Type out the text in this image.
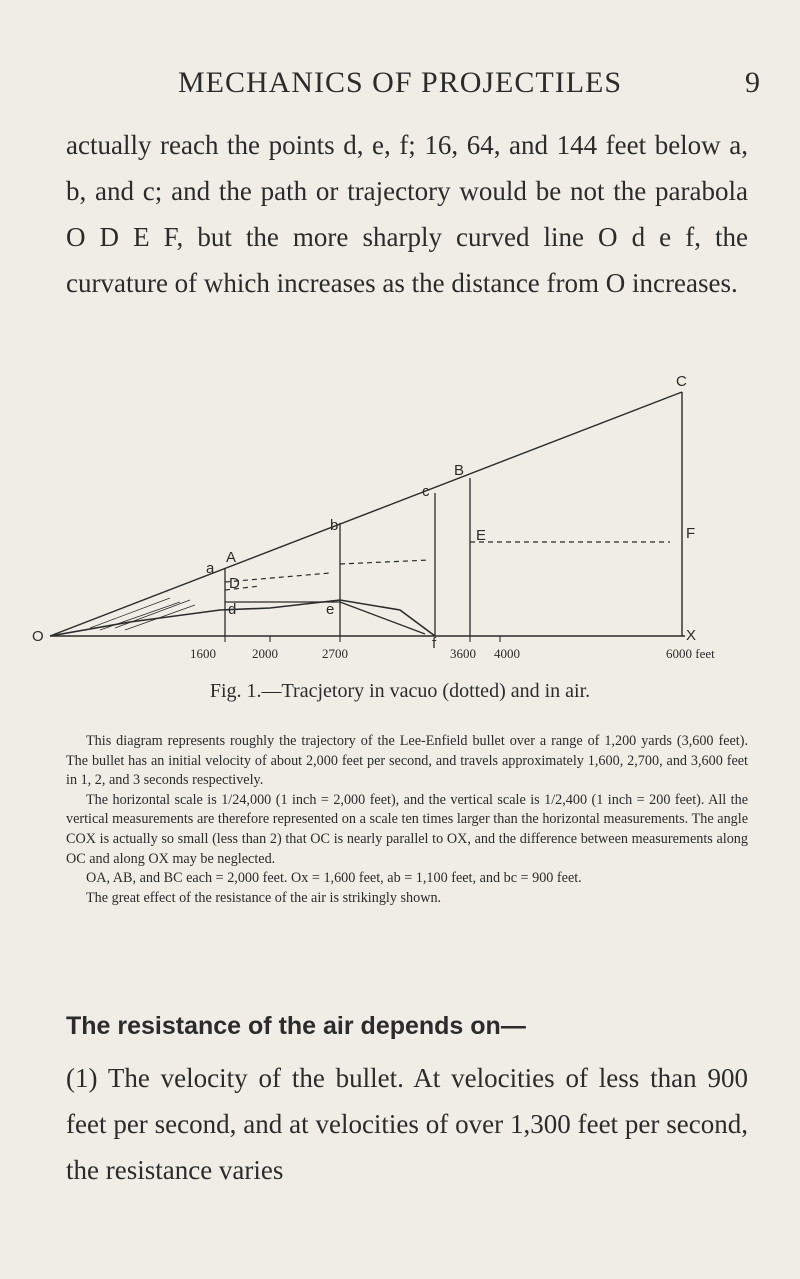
MECHANICS OF PROJECTILES	9
actually reach the points d, e, f; 16, 64, and 144 feet below a, b, and c; and the path or trajectory would be not the parabola O D E F, but the more sharply curved line O d e f, the curvature of which increases as the distance from O increases.
O
a
A
D
d
b
e
c
B
E
f
C
F
X
1600	2000	2700	3600 4000	6000 feet
Fig. 1.—Tracjetory in vacuo (dotted) and in air.

This diagram represents roughly the trajectory of the Lee-Enfield bullet over a range of 1,200 yards (3,600 feet). The bullet has an initial velocity of about 2,000 feet per second, and travels approximately 1,600, 2,700, and 3,600 feet in 1, 2, and 3 seconds respectively.

The horizontal scale is 1/24,000 (1 inch = 2,000 feet), and the vertical scale is 1/2,400 (1 inch = 200 feet). All the vertical measurements are therefore represented on a scale ten times larger than the horizontal measurements. The angle COX is actually so small (less than 2) that OC is nearly parallel to OX, and the difference between measurements along OC and along OX may be neglected.

OA, AB, and BC each = 2,000 feet. Ox = 1,600 feet, ab = 1,100 feet, and bc = 900 feet.

The great effect of the resistance of the air is strikingly shown.

The resistance of the air depends on—

(1) The velocity of the bullet. At velocities of less than 900 feet per second, and at velocities of over 1,300 feet per second, the resistance varies
